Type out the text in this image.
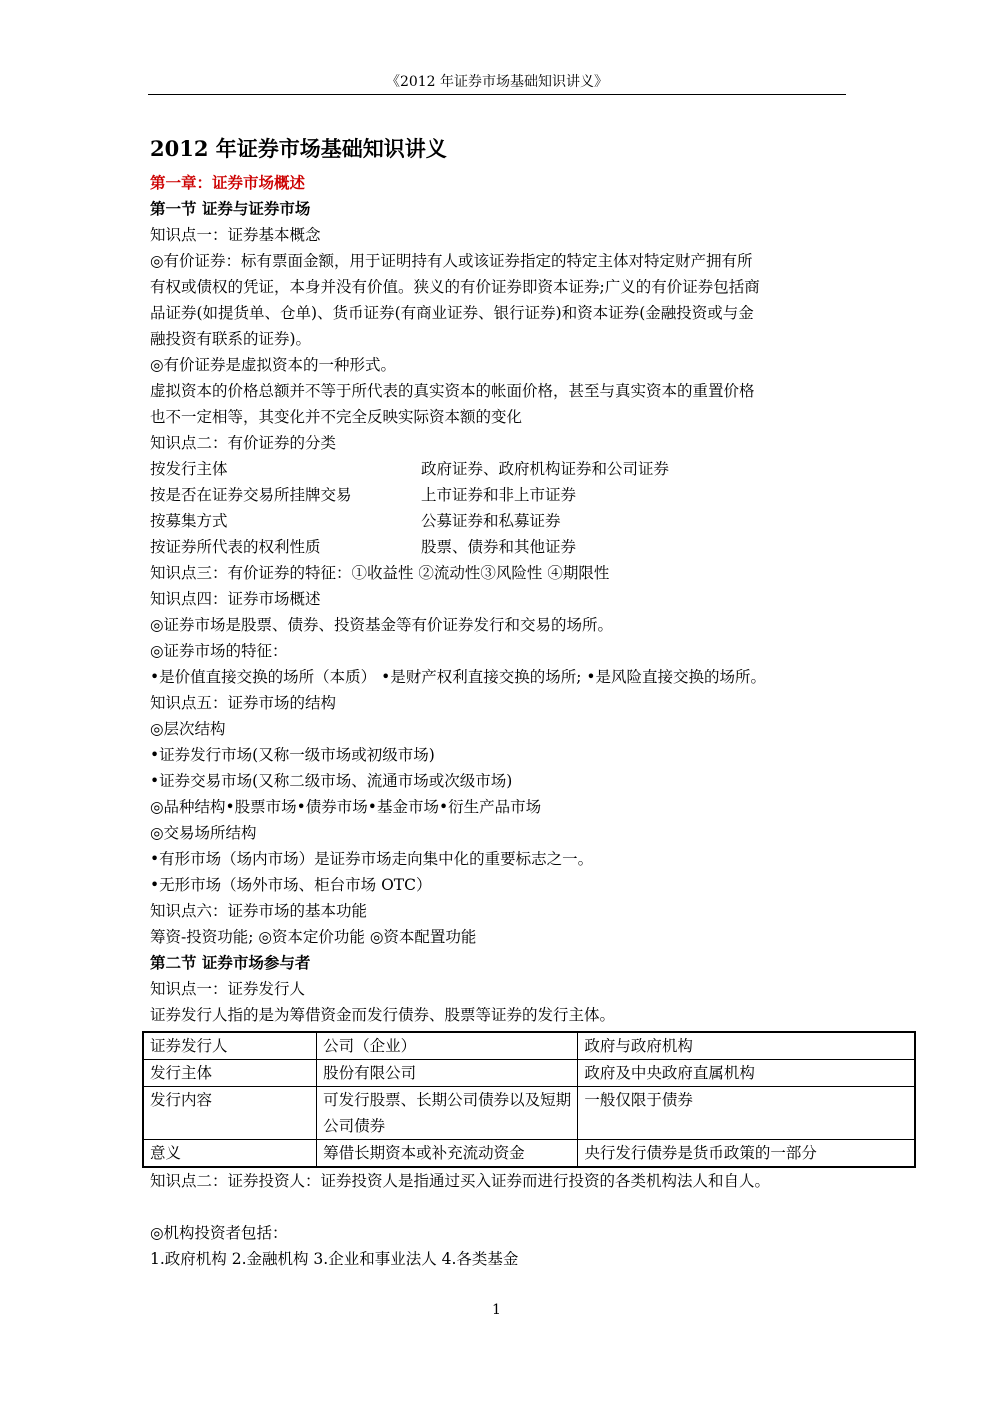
《2012 年证券市场基础知识讲义》
2012 年证券市场基础知识讲义
第一章：证券市场概述
第一节 证券与证券市场
知识点一：证券基本概念
◎有价证券：标有票面金额，用于证明持有人或该证券指定的特定主体对特定财产拥有所
有权或债权的凭证，本身并没有价值。狭义的有价证券即资本证券;广义的有价证券包括商
品证券(如提货单、仓单)、货币证券(有商业证券、银行证券)和资本证券(金融投资或与金
融投资有联系的证券)。
◎有价证券是虚拟资本的一种形式。
虚拟资本的价格总额并不等于所代表的真实资本的帐面价格，甚至与真实资本的重置价格
也不一定相等，其变化并不完全反映实际资本额的变化
知识点二：有价证券的分类
按发行主体	政府证券、政府机构证券和公司证券
按是否在证券交易所挂牌交易	上市证券和非上市证券
按募集方式	公募证券和私募证券
按证券所代表的权利性质	股票、债券和其他证券
知识点三：有价证券的特征：①收益性 ②流动性③风险性 ④期限性
知识点四：证券市场概述
◎证券市场是股票、债券、投资基金等有价证券发行和交易的场所。
◎证券市场的特征：
•是价值直接交换的场所（本质） •是财产权利直接交换的场所; •是风险直接交换的场所。
知识点五：证券市场的结构
◎层次结构
•证券发行市场(又称一级市场或初级市场)
•证券交易市场(又称二级市场、流通市场或次级市场)
◎品种结构•股票市场•债券市场•基金市场•衍生产品市场
◎交易场所结构
•有形市场（场内市场）是证券市场走向集中化的重要标志之一。
•无形市场（场外市场、柜台市场 OTC）
知识点六：证券市场的基本功能
筹资-投资功能; ◎资本定价功能 ◎资本配置功能
第二节 证券市场参与者
知识点一：证券发行人
证券发行人指的是为筹借资金而发行债券、股票等证券的发行主体。
证券发行人	公司（企业）	政府与政府机构
发行主体	股份有限公司	政府及中央政府直属机构
发行内容	可发行股票、长期公司债券以及短期公司债券	一般仅限于债券
意义	筹借长期资本或补充流动资金	央行发行债券是货币政策的一部分
知识点二：证券投资人：证券投资人是指通过买入证券而进行投资的各类机构法人和自人。
◎机构投资者包括：
1.政府机构 2.金融机构 3.企业和事业法人 4.各类基金
1
